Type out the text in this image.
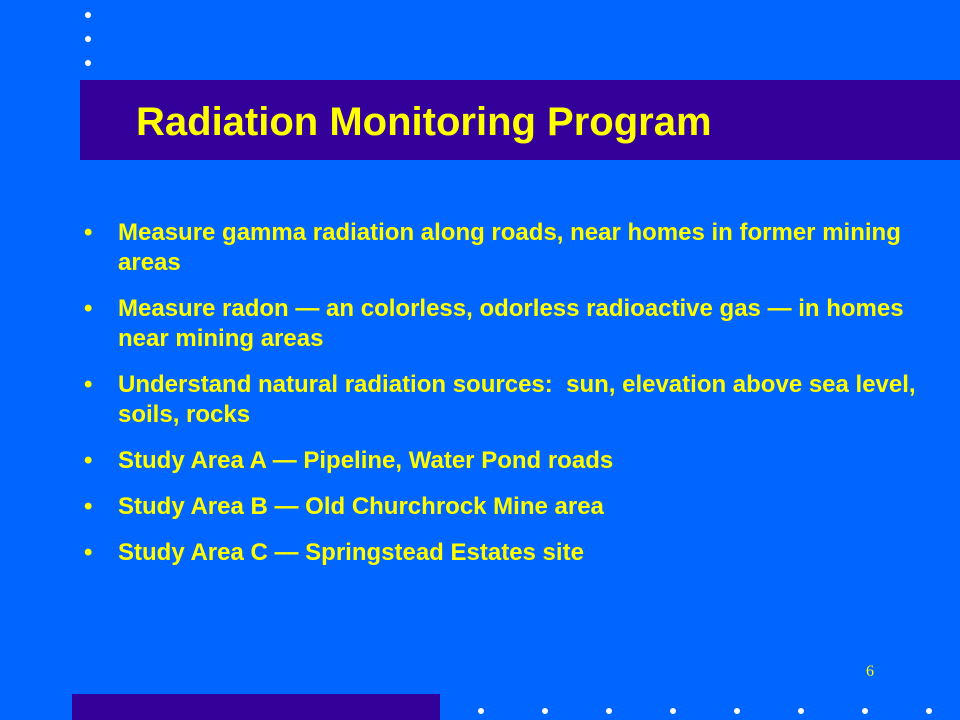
Radiation Monitoring Program
• Measure gamma radiation along roads, near homes in former mining areas
• Measure radon — an colorless, odorless radioactive gas — in homes near mining areas
• Understand natural radiation sources:  sun, elevation above sea level, soils, rocks
• Study Area A — Pipeline, Water Pond roads
• Study Area B — Old Churchrock Mine area
• Study Area C — Springstead Estates site
6
